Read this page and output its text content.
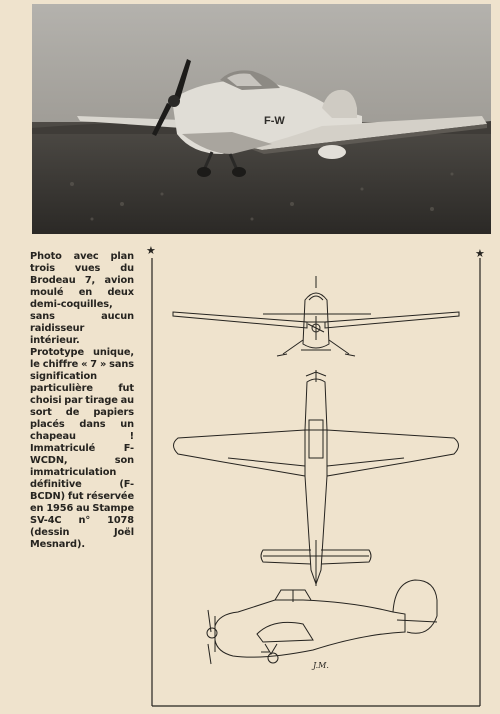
F-W

Photo avec plan trois vues du Brodeau 7, avion moulé en deux demi-coquilles, sans aucun raidisseur intérieur. Prototype unique, le chiffre « 7 » sans signification particulière fut choisi par tirage au sort de papiers placés dans un chapeau ! Immatriculé F-WCDN, son immatriculation définitive (F-BCDN) fut réservée en 1956 au Stampe SV-4C n° 1078 (dessin Joël Mesnard).

★	★
J.M.
